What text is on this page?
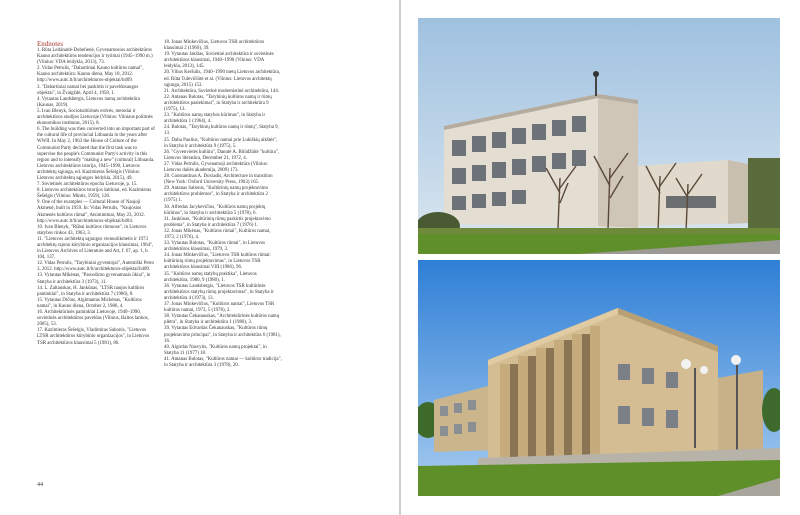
Endnotes
1. Rūta Leitānaitė-Dobelienė, Gyvenamosios architektūros Kauno architektūros tendencijos ir tyrimai (1945–1990 m.) (Vilnius: VDA leidykla, 2013), 73.
2. Vidas Petrulis, "Dabartiniai Kauno kultūros namai", Kauno architektūra: Kauno diena, May 18, 2012. http://www.autc.lt/lt/architekturos-objektai/b409.
3. "Dabartiniai namai bei paskirtis ir paveldosaugos objektai", in Žvaigždė, April 4, 1958, 1.
4. Vytautas Landsbergis, Lietuvos namų architektūra (Kaunas, 2019).
5. Ivan Blenyk, Sociokultūrinės erdvės, metodai ir architektūros studijos Lietuvoje (Vilnius: Vilniaus politinės ekonomikos institutas, 2015), 8.
6. The building was then converted into an important part of the cultural life of provincial Lithuania in the years after WWII. In May 2, 1963 the House of Culture of the Communist Party declared that the first task was to supervise the people's Communist Party's activity in this region and to intensify "making a new" (cultural) Lithuania. Lietuvos architektūros istorija, 1945–1990, Lietuvos architektų sąjunga, ed. Kazimieras Šešelgis (Vilnius: Lietuvos architektų sąjungos leidykla, 2015), 49.
7. Sovietinės architektūros epocha Lietuvoje, p. 15.
8. Lietuvos architektūros istorijos šaltiniai, ed. Kazimieras Šešelgis (Vilnius: Mintis, 1959), 120.
9. One of the examples — Cultural House of Naujoji Akmenė, built in 1959. In: Vidas Petrulis, "Naujosios Akmenės kultūros rūmai", Atsiminimai, May 23, 2012. http://www.autc.lt/lt/architekturos-objektai/b404.
10. Ivan Blenyk, "Rūbai kultūros rūmuose", in Lietuvos statybos rinkos 43, 1963, 3.
11. "Lietuvos architektų sąjungos vienuolikmetis ir 1973 architektų rajono kūrybinio organizacijos klausimai, 1964", in Lietuvos Archives of Literature and Art, f. 67, ap. 1, b. 104, 137.
12. Vidas Petrulis, "Tarybiniai gyventojai", Autentiški Petro 3, 2012. http://www.autc.lt/lt/architekturos-objektai/b409.
13. Vytautas Mikėnas, "Paruošimo gyvenamasis ūkiai", in Statyba ir architektūra 3 (1973), 11.
14. L. Zaltauskas, H. Jankūnas, "LTSR naujos kultūros paminklai", in Statyba ir architektūra 7 (1986), 8.
15. Vytautas Dičius, Algimantas Mickėnas, "Kultūros namai", in Kauno diena, October 2, 1986, 4.
16. Architektūrinės paminklai Lietuvoje, 1940–1990, sovietinės architektūros paveldas (Vilnius, Baltos lankos, 2005), 53.
17. Kazimieras Šešelgis, Vladimiras Sabonis, "Lietuvos LTSR architektūros kūrybinio organizacijos", in Lietuvos TSR architektūros klausimai 5 (1981), 86.
18. Jonas Minkevičius, Lietuvos TSR architektūros klausimai 2 (1960), 39.
19. Vytautas Jakštas, Sovietinė architektūra ir sovietinės architektūros klausimai, 1940–1990 (Vilnius: VDA leidykla, 2013), 145.
20. Vilius Keršulis, 1940–1990 metų Lietuvos architektūra, ed. Rūta Tulevičiūtė et al. (Vilnius: Lietuvos architektų sąjunga, 2015) 153.
21. Architektūra, Sovietinė modernistinė architektūra, 144.
22. Antanas Bulotas, "Tarybinių kultūros namų ir rūmų architektūros pasiekimai", in Statyba ir architektūra 9 (1975), 13.
23. "Kultūros namų statybos kūrimas", in Statyba ir architektūra 1 (1964), 4.
24. Bulotas, "Tarybinių kultūros namų ir rūmų", Statyba 9, 13.
25. Dalia Paulius, "Kultūros namai prie Lukiškių aikštės", in Statyba ir architektūra 9 (1975), 5.
26. "Gyvenvietės kultūra", Danutė A. Bliūdžiūtė "kultūra", Lietuvos literatūra, December 21, 1972, 4.
27. Vidas Petrulis, Gyvenamoji architektūra (Vilnius: Lietuvos dailės akademija, 2009) 173.
28. Constantinas A. Doxiadis, Architecture in transition (New York: Oxford University Press, 1963) 165.
29. Antanas Sabonis, "Kultūrinių namų projektavimo architektūros problemos", in Statyba ir architektūra 2 (1975) 1.
30. Alfredas Jacykevičius, "Kultūros namų projektų kūrimas", in Statyba ir architektūra 5 (1978), 6.
31. Jankūnas, "Kultūrinių rūmų paskirtis projektavimo problema", in Statyba ir architektūra 7 (1976) 1.
32. Jonas Mikėnas, "Kultūros rūmai", Kultūros namai, 1973, 2 (1976), 4.
33. Vytautas Bulotas, "Kultūros rūmai", in Lietuvos architektūros klausimai, 1979, 3.
34. Jonas Minkevičius, "Lietuvos TSR kultūros rūmai: kultūrinių rūmų projektavimas", in Lietuvos TSR architektūros klausimai VIII (1986), 96.
35. "Kultūros namų statybų praktika", Lietuvos architektūra, 1980, 9 (1980), 1.
36. Vytautas Landsbergis, "Lietuvos TSR kultūrinės architektūros statybų rūmų projektavimas", in Statyba ir architektūra 4 (1973), 13.
37. Jonas Minkevičius, "Kultūros namai", Lietuvos TSR kultūros namai, 1973, 5 (1978), 2.
38. Vytautas Čekanauskas, "Architektūrinės kultūros namų plėtra", in Statyba ir architektūra 1 (1980), 3.
39. Vytautas Edvardas Čekanauskas, "Kultūros rūmų projektavimo principai", in Statyba ir architektūra 6 (1981), 16.
40. Algirdas Nasvytis, "Kultūros namų projektai", in Statyba 11 (1977) 18.
41. Antanas Bulotas, "Kultūros namai — kultūros tradicija", in Statyba ir architektūra 3 (1978), 20.
44
